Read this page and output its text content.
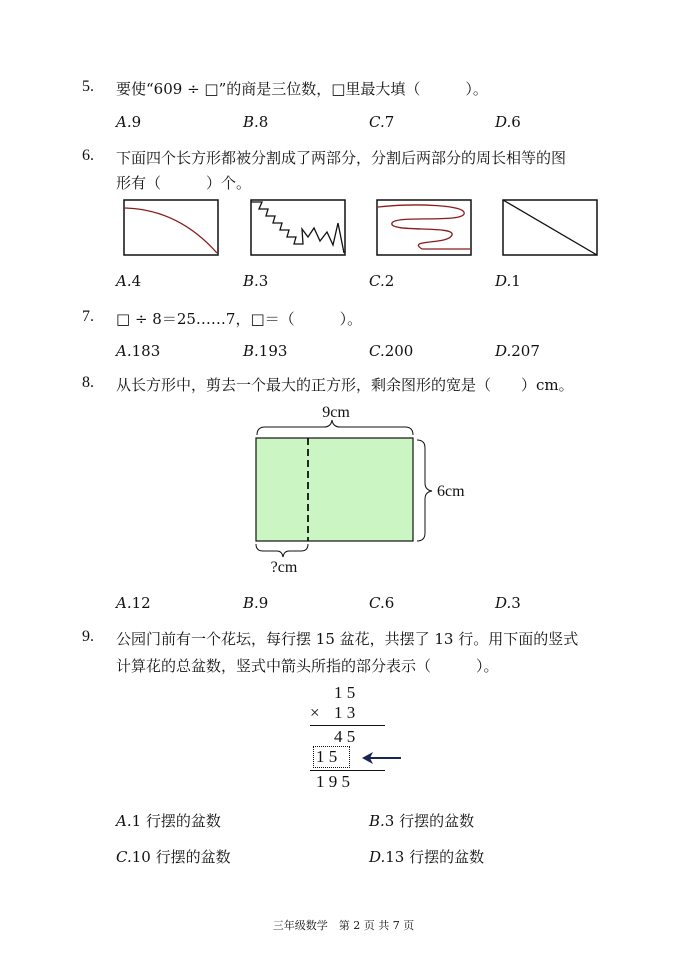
5. 要使“609 ÷ □”的商是三位数，□里最大填（　　　）。
A.9	B.8	C.7	D.6
6. 下面四个长方形都被分割成了两部分，分割后两部分的周长相等的图
形有（　　　）个。
A.4	B.3	C.2	D.1
7. □ ÷ 8＝25……7，□＝（　　　）。
A.183	B.193	C.200	D.207
8. 从长方形中，剪去一个最大的正方形，剩余图形的宽是（　　）cm。
9cm
6cm
?cm
A.12	B.9	C.6	D.3
9. 公园门前有一个花坛，每行摆 15 盆花，共摆了 13 行。用下面的竖式
计算花的总盆数，竖式中箭头所指的部分表示（　　　）。
1 5
× 1 3
4 5
1 5
1 9 5
A.1 行摆的盆数	B.3 行摆的盆数
C.10 行摆的盆数	D.13 行摆的盆数
三年级数学　第 2 页 共 7 页
